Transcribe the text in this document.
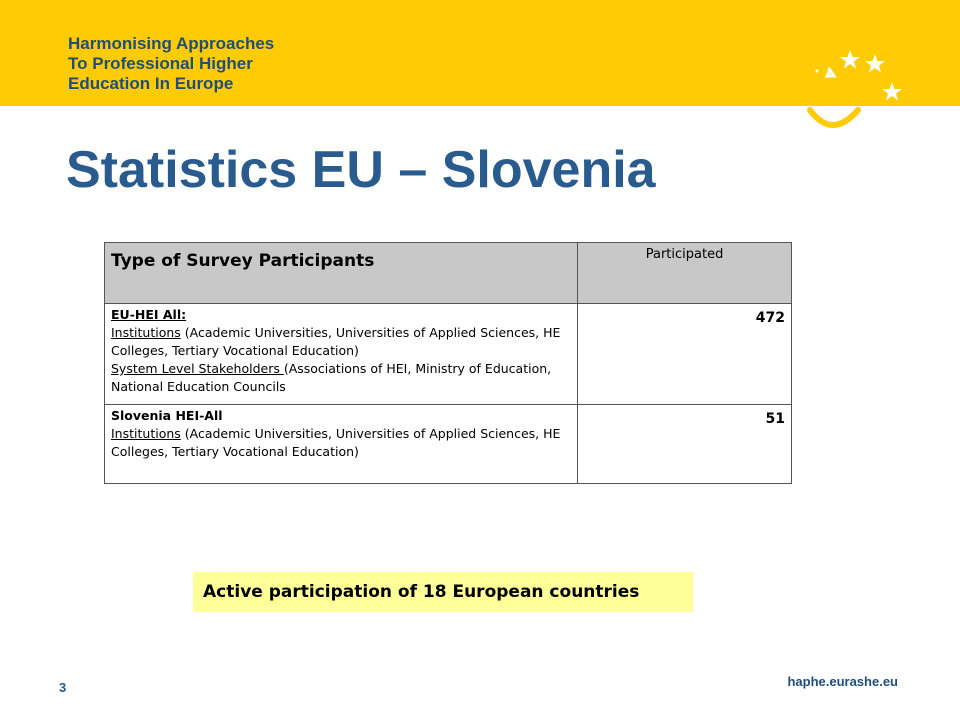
Harmonising Approaches
To Professional Higher
Education In Europe
Statistics EU – Slovenia
Type of Survey Participants	Participated
EU-HEI All:
Institutions (Academic Universities, Universities of Applied Sciences, HE Colleges, Tertiary Vocational Education)
System Level Stakeholders (Associations of HEI, Ministry of Education, National Education Councils	472
Slovenia HEI-All
Institutions (Academic Universities, Universities of Applied Sciences, HE Colleges, Tertiary Vocational Education)	51
Active participation of 18 European countries
3	haphe.eurashe.eu
